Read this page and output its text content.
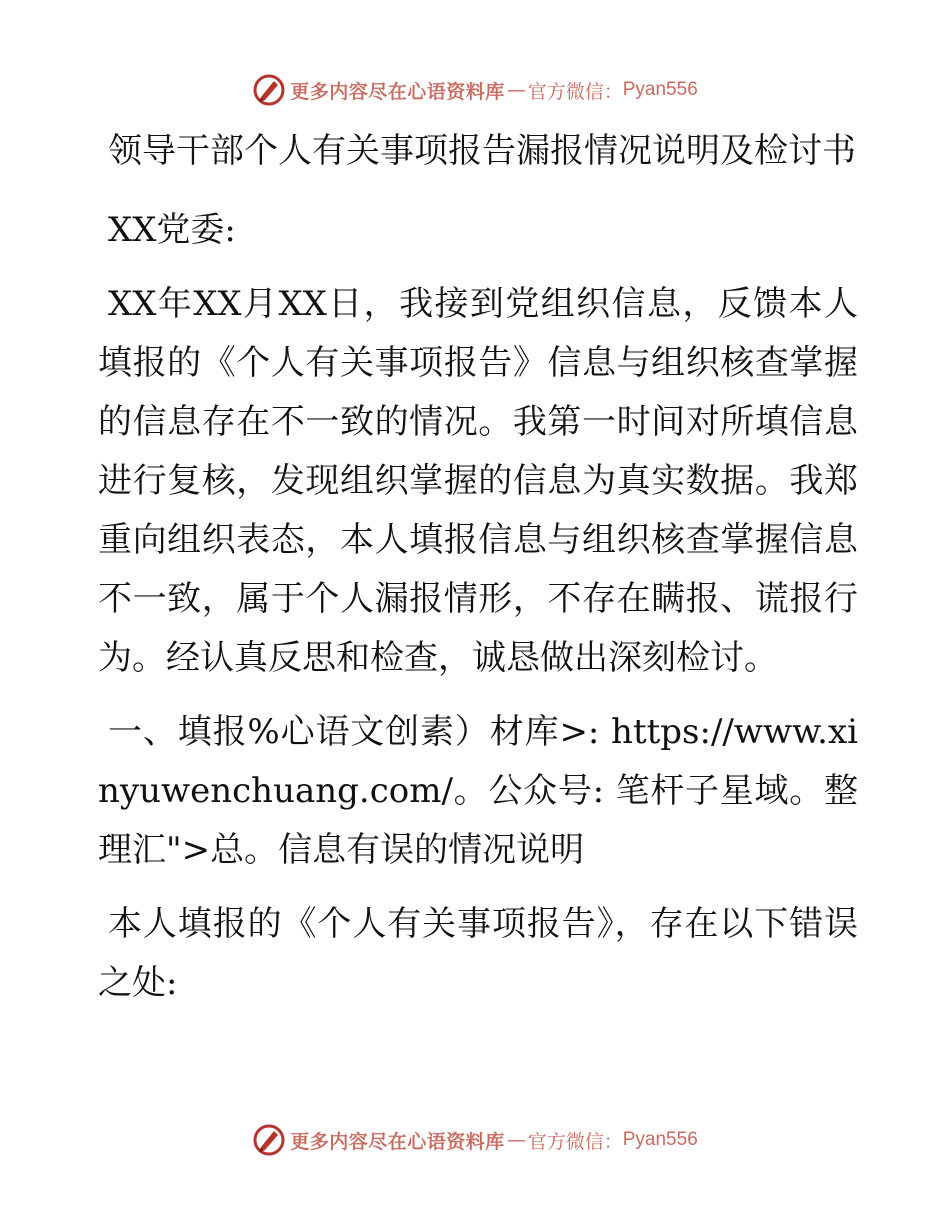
更多内容尽在心语资料库 — 官方微信： Pyan556

领导干部个人有关事项报告漏报情况说明及检讨书

XX党委:

XX年XX月XX日，我接到党组织信息，反馈本人填报的《个人有关事项报告》信息与组织核查掌握的信息存在不一致的情况。我第一时间对所填信息进行复核，发现组织掌握的信息为真实数据。我郑重向组织表态，本人填报信息与组织核查掌握信息不一致，属于个人漏报情形，不存在瞒报、谎报行为。经认真反思和检查，诚恳做出深刻检讨。

一、填报%心语文创素）材库>: https://www.xinyuwenchuang.com/。公众号: 笔杆子星域。整理汇">总。信息有误的情况说明

本人填报的《个人有关事项报告》，存在以下错误之处:

更多内容尽在心语资料库 — 官方微信： Pyan556
